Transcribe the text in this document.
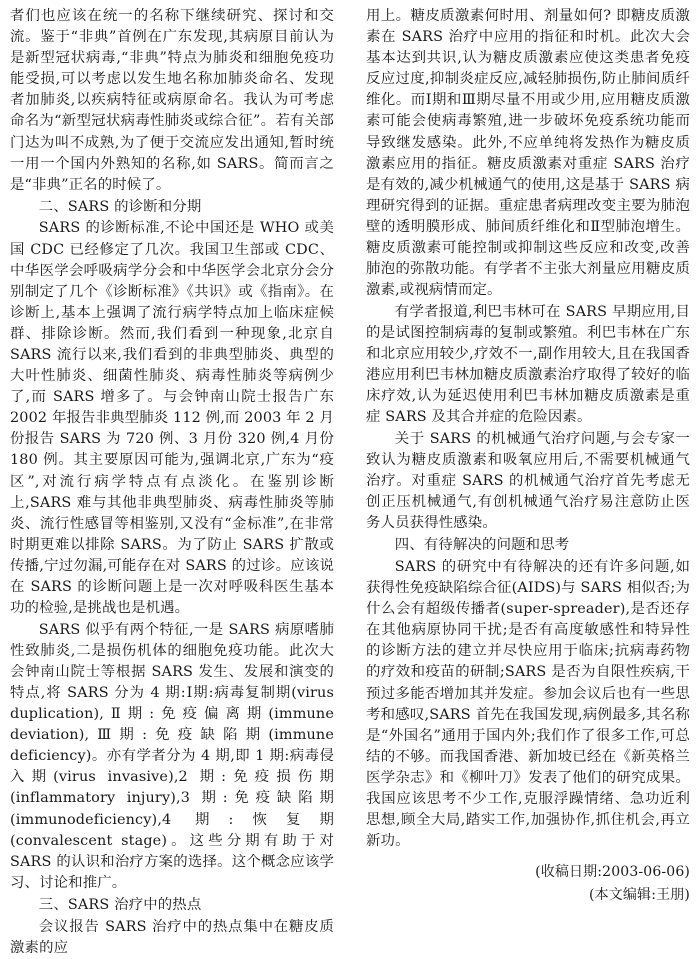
者们也应该在统一的名称下继续研究、探讨和交流。鉴于“非典”首例在广东发现,其病原目前认为是新型冠状病毒,“非典”特点为肺炎和细胞免疫功能受损,可以考虑以发生地名称加肺炎命名、发现者加肺炎,以疾病特征或病原命名。我认为可考虑命名为“新型冠状病毒性肺炎或综合征”。若有关部门达为叫不成熟,为了便于交流应发出通知,暂时统一用一个国内外熟知的名称,如 SARS。简而言之是“非典”正名的时候了。

二、SARS 的诊断和分期

SARS 的诊断标准,不论中国还是 WHO 或美国 CDC 已经修定了几次。我国卫生部或 CDC、中华医学会呼吸病学分会和中华医学会北京分会分别制定了几个《诊断标准》《共识》或《指南》。在诊断上,基本上强调了流行病学特点加上临床症候群、排除诊断。然而,我们看到一种现象,北京自 SARS 流行以来,我们看到的非典型肺炎、典型的大叶性肺炎、细菌性肺炎、病毒性肺炎等病例少了,而 SARS 增多了。与会钟南山院士报告广东 2002 年报告非典型肺炎 112 例,而 2003 年 2 月份报告 SARS 为 720 例、3 月份 320 例,4 月份 180 例。其主要原因可能为,强调北京,广东为“疫区”,对流行病学特点有点淡化。在鉴别诊断上,SARS 难与其他非典型肺炎、病毒性肺炎等肺炎、流行性感冒等相鉴别,又没有“金标准”,在非常时期更难以排除 SARS。为了防止 SARS 扩散或传播,宁过勿漏,可能存在对 SARS 的过诊。应该说在 SARS 的诊断问题上是一次对呼吸科医生基本功的检验,是挑战也是机遇。

SARS 似乎有两个特征,一是 SARS 病原嗜肺性致肺炎,二是损伤机体的细胞免疫功能。此次大会钟南山院士等根据 SARS 发生、发展和演变的特点,将 SARS 分为 4 期:Ⅰ期:病毒复制期(virus duplication),Ⅱ期:免疫偏离期(immune deviation),Ⅲ期:免疫缺陷期(immune deficiency)。亦有学者分为 4 期,即 1 期:病毒侵入期(virus invasive),2 期:免疫损伤期(inflammatory injury),3 期:免疫缺陷期(immunodeficiency),4 期:恢复期(convalescent stage)。这些分期有助于对 SARS 的认识和治疗方案的选择。这个概念应该学习、讨论和推广。

三、SARS 治疗中的热点

会议报告 SARS 治疗中的热点集中在糖皮质激素的应

用上。糖皮质激素何时用、剂量如何? 即糖皮质激素在 SARS 治疗中应用的指征和时机。此次大会基本达到共识,认为糖皮质激素应使这类患者免疫反应过度,抑制炎症反应,减轻肺损伤,防止肺间质纤维化。而Ⅰ期和Ⅲ期尽量不用或少用,应用糖皮质激素可能会使病毒繁殖,进一步破坏免疫系统功能而导致继发感染。此外,不应单纯将发热作为糖皮质激素应用的指征。糖皮质激素对重症 SARS 治疗是有效的,减少机械通气的使用,这是基于 SARS 病理研究得到的证据。重症患者病理改变主要为肺泡壁的透明膜形成、肺间质纤维化和Ⅱ型肺泡增生。糖皮质激素可能控制或抑制这些反应和改变,改善肺泡的弥散功能。有学者不主张大剂量应用糖皮质激素,或视病情而定。

有学者报道,利巴韦林可在 SARS 早期应用,目的是试图控制病毒的复制或繁殖。利巴韦林在广东和北京应用较少,疗效不一,副作用较大,且在我国香港应用利巴韦林加糖皮质激素治疗取得了较好的临床疗效,认为延迟使用利巴韦林加糖皮质激素是重症 SARS 及其合并症的危险因素。

关于 SARS 的机械通气治疗问题,与会专家一致认为糖皮质激素和吸氧应用后,不需要机械通气治疗。对重症 SARS 的机械通气治疗首先考虑无创正压机械通气,有创机械通气治疗易注意防止医务人员获得性感染。

四、有待解决的问题和思考

SARS 的研究中有待解决的还有许多问题,如获得性免疫缺陷综合征(AIDS)与 SARS 相似否;为什么会有超级传播者(super-spreader),是否还存在其他病原协同干扰;是否有高度敏感性和特异性的诊断方法的建立并尽快应用于临床;抗病毒药物的疗效和疫苗的研制;SARS 是否为自限性疾病,干预过多能否增加其并发症。参加会议后也有一些思考和感叹,SARS 首先在我国发现,病例最多,其名称是“外国名”通用于国内外;我们作了很多工作,可总结的不够。而我国香港、新加坡已经在《新英格兰医学杂志》和《柳叶刀》发表了他们的研究成果。我国应该思考不少工作,克服浮躁情绪、急功近利思想,顾全大局,踏实工作,加强协作,抓住机会,再立新功。

(收稿日期:2003-06-06)

(本文编辑:王朋)
